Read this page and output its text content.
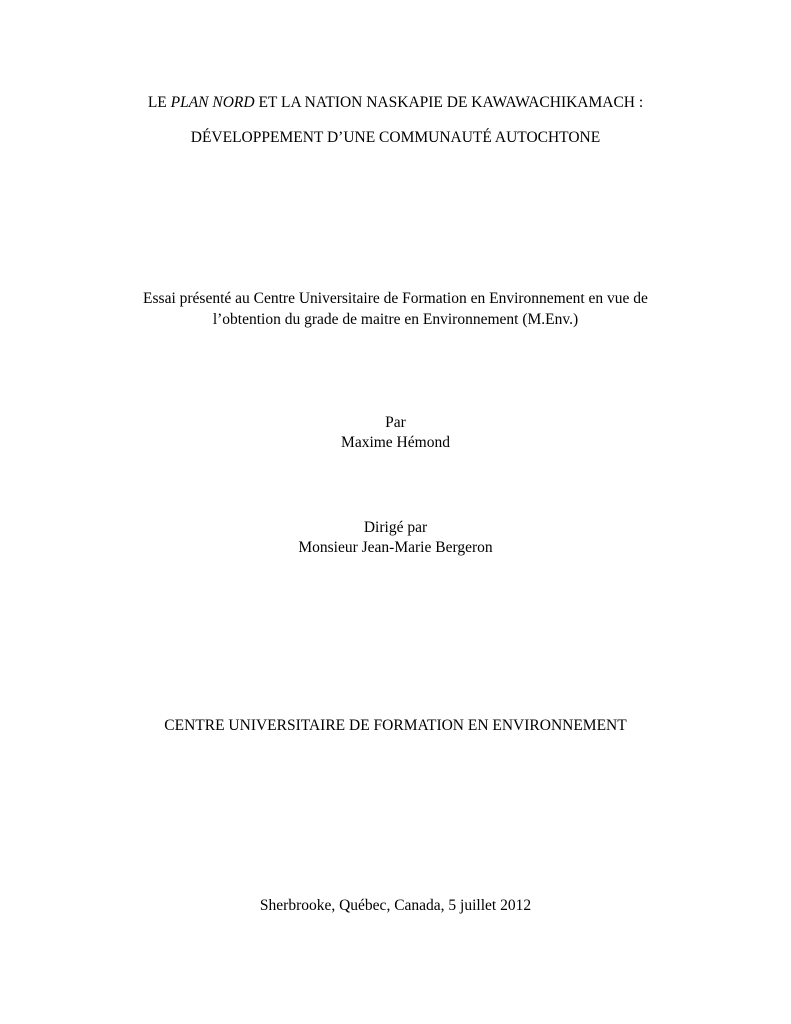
LE PLAN NORD ET LA NATION NASKAPIE DE KAWAWACHIKAMACH :
DÉVELOPPEMENT D’UNE COMMUNAUTÉ AUTOCHTONE
Essai présenté au Centre Universitaire de Formation en Environnement en vue de
l’obtention du grade de maitre en Environnement (M.Env.)
Par
Maxime Hémond
Dirigé par
Monsieur Jean-Marie Bergeron
CENTRE UNIVERSITAIRE DE FORMATION EN ENVIRONNEMENT
Sherbrooke, Québec, Canada, 5 juillet 2012
